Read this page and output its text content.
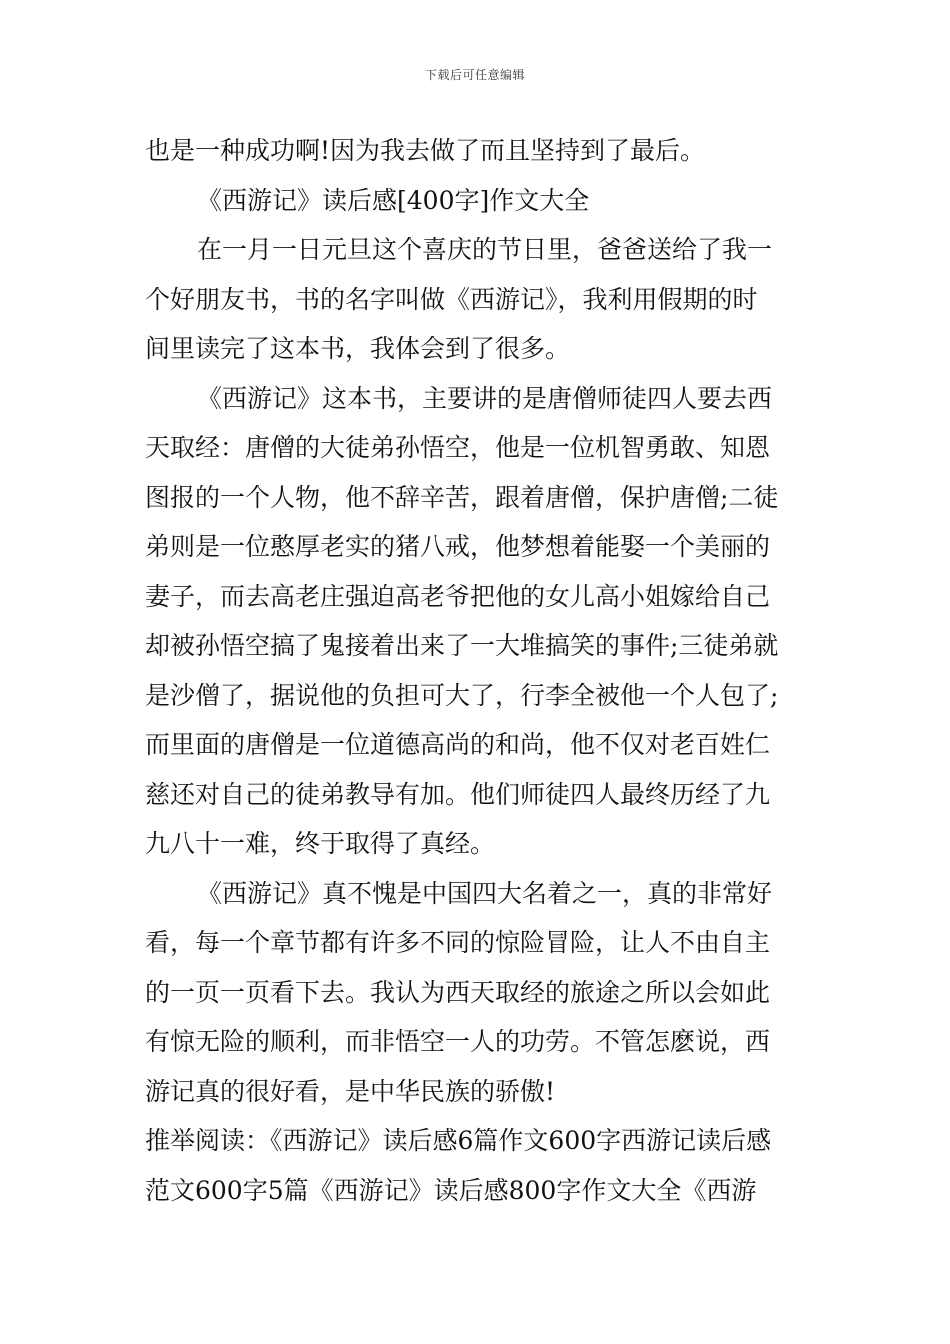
下载后可任意编辑
也是一种成功啊!因为我去做了而且坚持到了最后。
《西游记》读后感[400字]作文大全
在一月一日元旦这个喜庆的节日里，爸爸送给了我一
个好朋友书，书的名字叫做《西游记》，我利用假期的时
间里读完了这本书，我体会到了很多。
《西游记》这本书，主要讲的是唐僧师徒四人要去西
天取经：唐僧的大徒弟孙悟空，他是一位机智勇敢、知恩
图报的一个人物，他不辞辛苦，跟着唐僧，保护唐僧;二徒
弟则是一位憨厚老实的猪八戒，他梦想着能娶一个美丽的
妻子，而去高老庄强迫高老爷把他的女儿高小姐嫁给自己
却被孙悟空搞了鬼接着出来了一大堆搞笑的事件;三徒弟就
是沙僧了，据说他的负担可大了，行李全被他一个人包了;
而里面的唐僧是一位道德高尚的和尚，他不仅对老百姓仁
慈还对自己的徒弟教导有加。他们师徒四人最终历经了九
九八十一难，终于取得了真经。
《西游记》真不愧是中国四大名着之一，真的非常好
看，每一个章节都有许多不同的惊险冒险，让人不由自主
的一页一页看下去。我认为西天取经的旅途之所以会如此
有惊无险的顺利，而非悟空一人的功劳。不管怎麽说，西
游记真的很好看，是中华民族的骄傲!
推举阅读：《西游记》读后感6篇作文600字西游记读后感
范文600字5篇《西游记》读后感800字作文大全《西游
